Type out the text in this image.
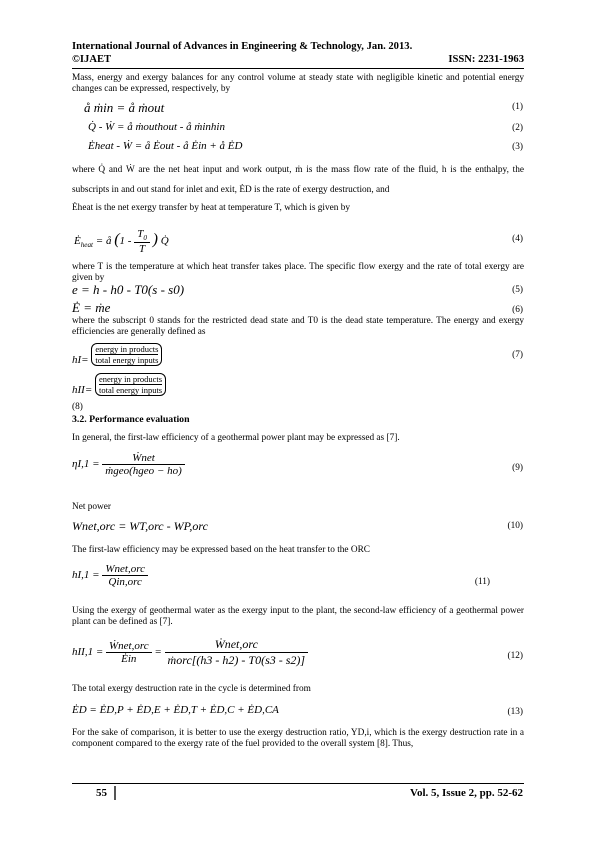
International Journal of Advances in Engineering & Technology, Jan. 2013.
©IJAET	ISSN: 2231-1963
Mass, energy and exergy balances for any control volume at steady state with negligible kinetic and potential energy changes can be expressed, respectively, by
å ṁin = å ṁout	(1)
Q̇ - Ẇ = å ṁouthout - å ṁinhin	(2)
Ėheat - Ẇ = å Ėout - å Ėin + å ĖD	(3)
where Q̇ and Ẇ are the net heat input and work output, ṁ is the mass flow rate of the fluid, h is the enthalpy, the subscripts in and out stand for inlet and exit, ĖD is the rate of exergy destruction, and
Ėheat is the net exergy transfer by heat at temperature T, which is given by
$Ė_{heat}$ = å ($1 - \frac{T_0}{T}$ ) Q̇	(4)
where T is the temperature at which heat transfer takes place. The specific flow exergy and the rate of total exergy are given by
e = h - h0 - T0(s - s0)	(5)
Ė = ṁe	(6)
where the subscript 0 stands for the restricted dead state and T0 is the dead state temperature. The energy and exergy efficiencies are generally defined as
hI=
energy in products
total energy inputs	(7)
hII=
energy in products
total energy inputs
(8)
3.2. Performance evaluation
In general, the first-law efficiency of a geothermal power plant may be expressed as [7].
$\eta I,1 = \frac{\text{Ẇnet}}{\text{ṁgeo(hgeo − ho)}}$	(9)
Net power
Wnet,orc = WT,orc - WP,orc	(10)
The first-law efficiency may be expressed based on the heat transfer to the ORC
$hI,1 = \frac{\text{Wnet,orc}}{\text{Qin,orc}}$	(11)
Using the exergy of geothermal water as the exergy input to the plant, the second-law efficiency of a geothermal power plant can be defined as [7].
$hII,1 = \frac{\text{Ẇnet,orc}}{\text{Ėin}} = \frac{\text{Ẇnet,orc}}{\text{ṁorc[(h3 - h2) - T0(s3 - s2)]}}$	(12)
The total exergy destruction rate in the cycle is determined from
ĖD = ĖD,P + ĖD,E + ĖD,T + ĖD,C + ĖD,CA	(13)
For the sake of comparison, it is better to use the exergy destruction ratio, YD,i, which is the exergy destruction rate in a component compared to the exergy rate of the fuel provided to the overall system [8]. Thus,
55	Vol. 5, Issue 2, pp. 52-62
